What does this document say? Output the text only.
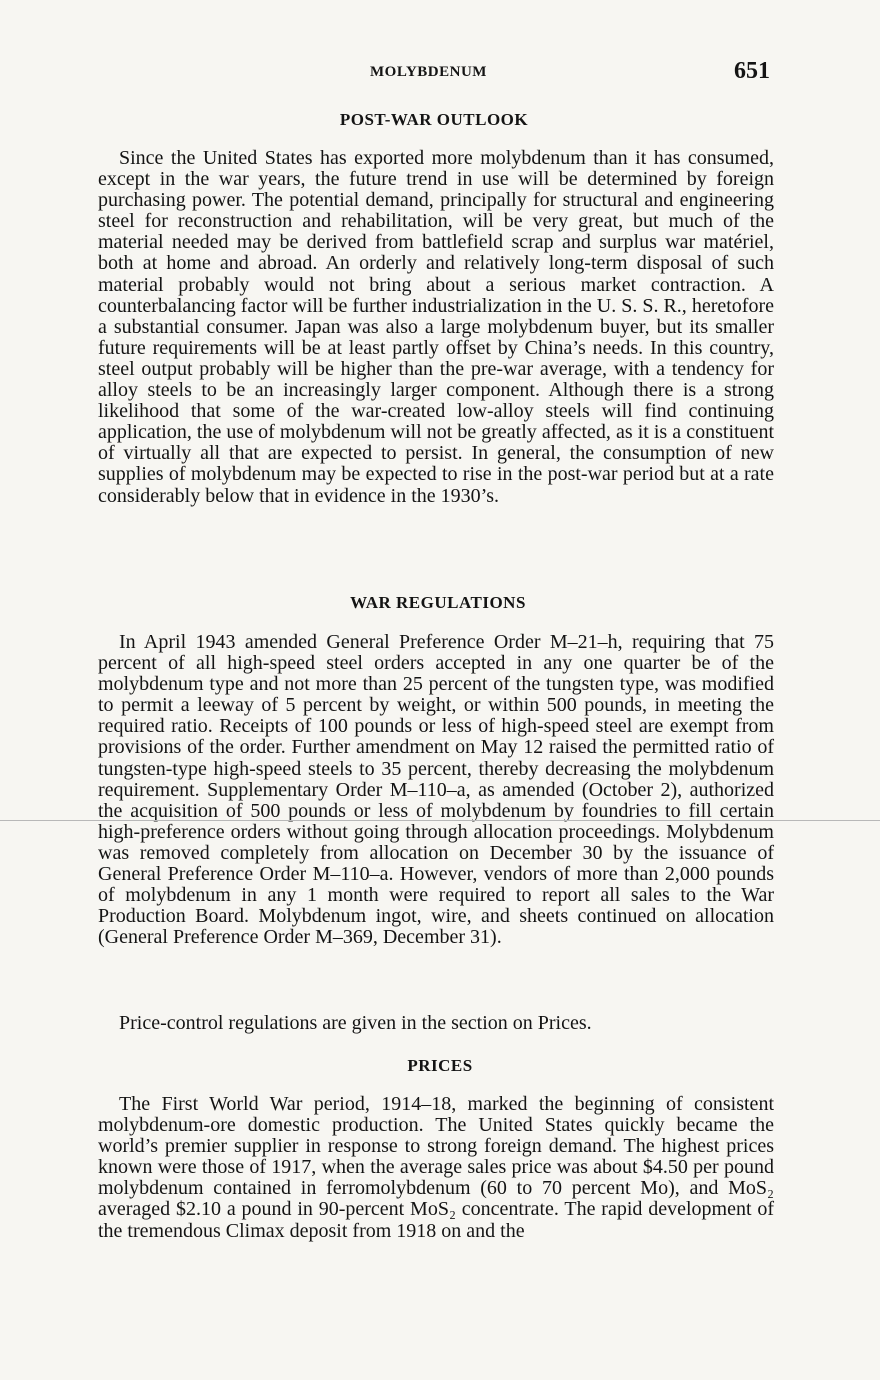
MOLYBDENUM	651
POST-WAR OUTLOOK

Since the United States has exported more molybdenum than it has consumed, except in the war years, the future trend in use will be determined by foreign purchasing power. The potential demand, principally for structural and engineering steel for reconstruction and rehabilitation, will be very great, but much of the material needed may be derived from battlefield scrap and surplus war matériel, both at home and abroad. An orderly and relatively long-term disposal of such material probably would not bring about a serious market contraction. A counterbalancing factor will be further industrialization in the U. S. S. R., heretofore a substantial consumer. Japan was also a large molybdenum buyer, but its smaller future requirements will be at least partly offset by China’s needs. In this country, steel output probably will be higher than the pre-war average, with a tendency for alloy steels to be an increasingly larger component. Although there is a strong likelihood that some of the war-created low-alloy steels will find continuing application, the use of molybdenum will not be greatly affected, as it is a constituent of virtually all that are expected to persist. In general, the consumption of new supplies of molybdenum may be expected to rise in the post-war period but at a rate considerably below that in evidence in the 1930’s.

WAR REGULATIONS

In April 1943 amended General Preference Order M–21–h, requiring that 75 percent of all high-speed steel orders accepted in any one quarter be of the molybdenum type and not more than 25 percent of the tungsten type, was modified to permit a leeway of 5 percent by weight, or within 500 pounds, in meeting the required ratio. Receipts of 100 pounds or less of high-speed steel are exempt from provisions of the order. Further amendment on May 12 raised the permitted ratio of tungsten-type high-speed steels to 35 percent, thereby decreasing the molybdenum requirement. Supplementary Order M–110–a, as amended (October 2), authorized the acquisition of 500 pounds or less of molybdenum by foundries to fill certain high-preference orders without going through allocation proceedings. Molybdenum was removed completely from allocation on December 30 by the issuance of General Preference Order M–110–a. However, vendors of more than 2,000 pounds of molybdenum in any 1 month were required to report all sales to the War Production Board. Molybdenum ingot, wire, and sheets continued on allocation (General Preference Order M–369, December 31).

Price-control regulations are given in the section on Prices.

PRICES

The First World War period, 1914–18, marked the beginning of consistent molybdenum-ore domestic production. The United States quickly became the world’s premier supplier in response to strong foreign demand. The highest prices known were those of 1917, when the average sales price was about $4.50 per pound molybdenum contained in ferromolybdenum (60 to 70 percent Mo), and MoS₂ averaged $2.10 a pound in 90-percent MoS₂ concentrate. The rapid development of the tremendous Climax deposit from 1918 on and the
